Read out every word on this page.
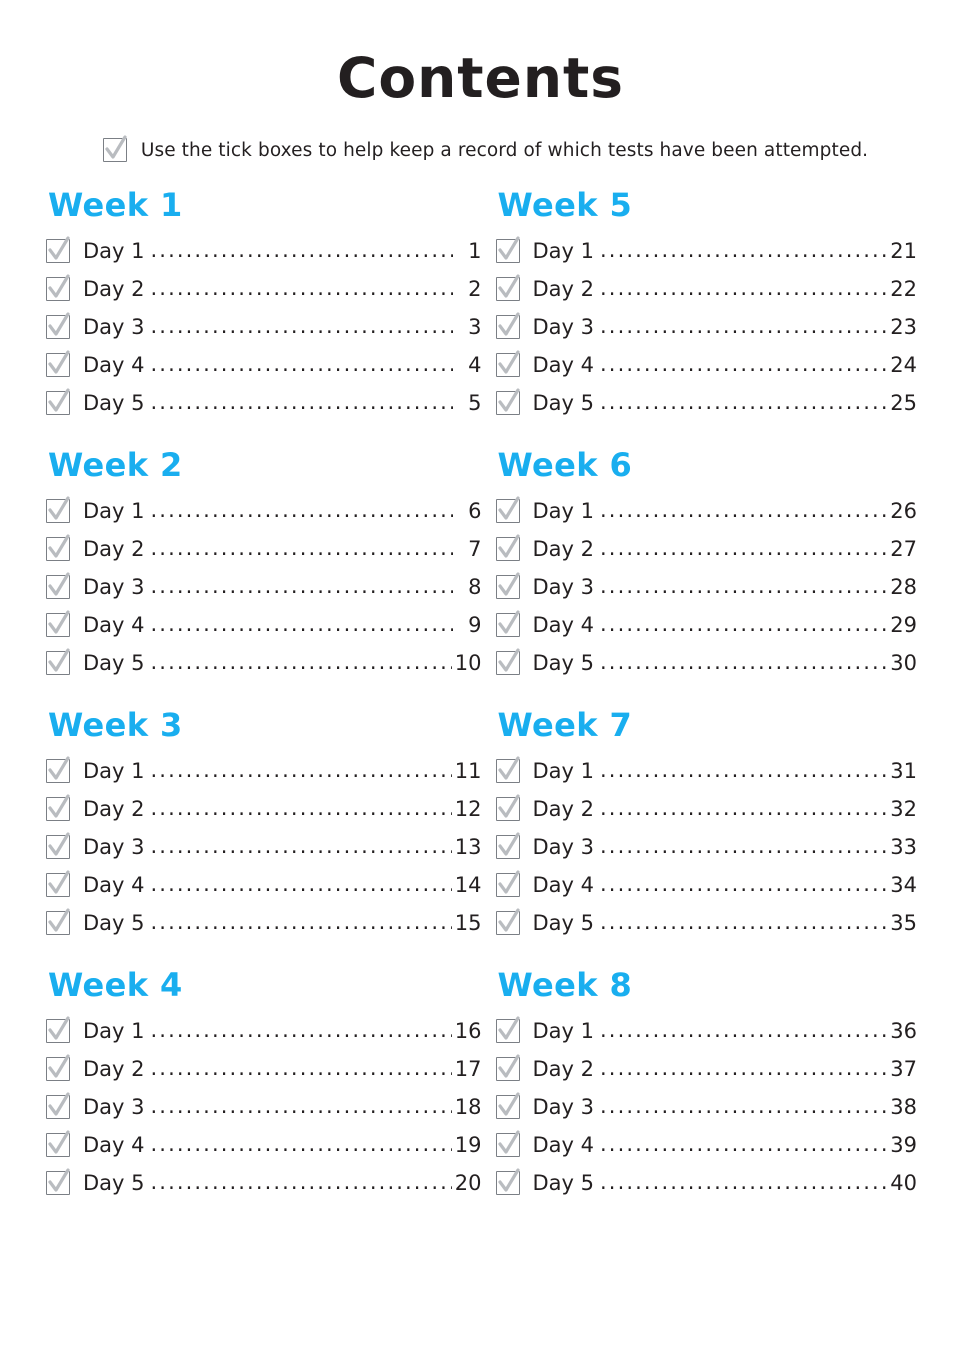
Contents
Use the tick boxes to help keep a record of which tests have been attempted.
Week 1
Day 1 .....	1
Day 2 .....	2
Day 3 .....	3
Day 4 .....	4
Day 5 .....	5
Week 2
Day 1 .....	6
Day 2 .....	7
Day 3 .....	8
Day 4 .....	9
Day 5 .....	10
Week 3
Day 1 .....	11
Day 2 .....	12
Day 3 .....	13
Day 4 .....	14
Day 5 .....	15
Week 4
Day 1 .....	16
Day 2 .....	17
Day 3 .....	18
Day 4 .....	19
Day 5 .....	20
Week 5
Day 1 .....	21
Day 2 .....	22
Day 3 .....	23
Day 4 .....	24
Day 5 .....	25
Week 6
Day 1 .....	26
Day 2 .....	27
Day 3 .....	28
Day 4 .....	29
Day 5 .....	30
Week 7
Day 1 .....	31
Day 2 .....	32
Day 3 .....	33
Day 4 .....	34
Day 5 .....	35
Week 8
Day 1 .....	36
Day 2 .....	37
Day 3 .....	38
Day 4 .....	39
Day 5 .....	40
